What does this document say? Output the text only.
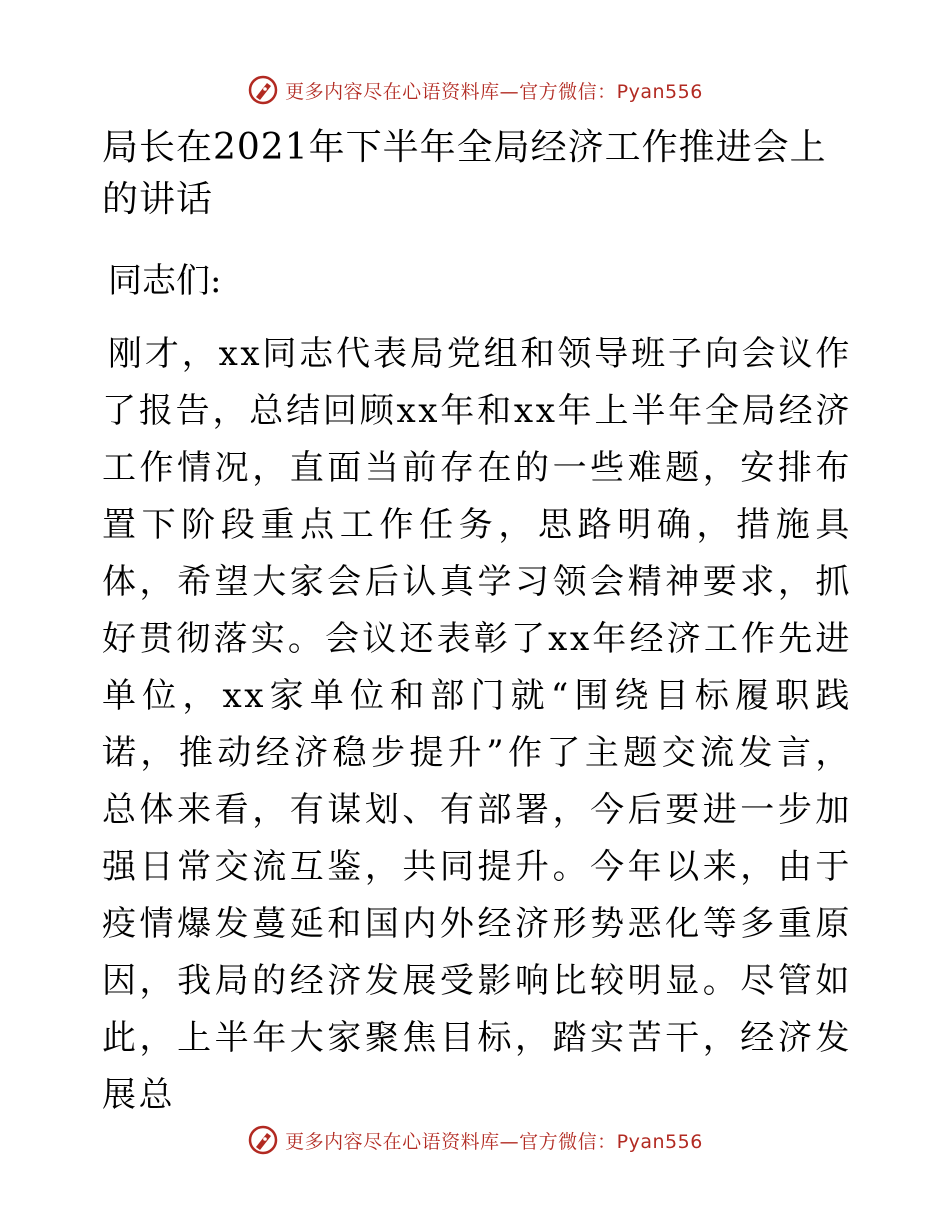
更多内容尽在心语资料库—官方微信：Pyan556
局长在2021年下半年全局经济工作推进会上的讲话

同志们:

刚才，xx同志代表局党组和领导班子向会议作了报告，总结回顾xx年和xx年上半年全局经济工作情况，直面当前存在的一些难题，安排布置下阶段重点工作任务，思路明确，措施具体，希望大家会后认真学习领会精神要求，抓好贯彻落实。会议还表彰了xx年经济工作先进单位，xx家单位和部门就“围绕目标履职践诺，推动经济稳步提升”作了主题交流发言，总体来看，有谋划、有部署，今后要进一步加强日常交流互鉴，共同提升。今年以来，由于疫情爆发蔓延和国内外经济形势恶化等多重原因，我局的经济发展受影响比较明显。尽管如此，上半年大家聚焦目标，踏实苦干，经济发展总

更多内容尽在心语资料库—官方微信：Pyan556
